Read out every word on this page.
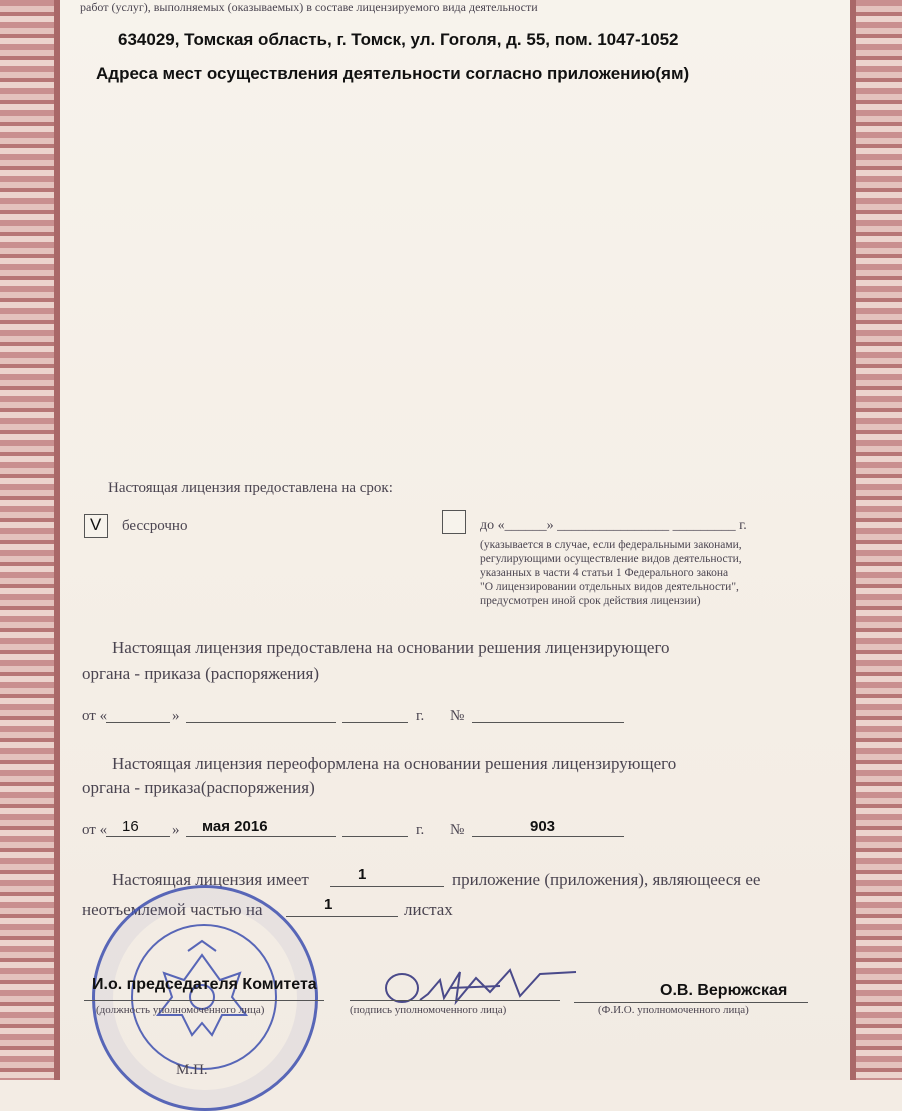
работ (услуг), выполняемых (оказываемых) в составе лицензируемого вида деятельности
634029, Томская область, г. Томск, ул. Гоголя, д. 55, пом. 1047-1052
Адреса мест осуществления деятельности согласно приложению(ям)
Настоящая лицензия предоставлена на срок:
V бессрочно	до «______» ________________ _________ г.
(указывается в случае, если федеральными законами,
регулирующими осуществление видов деятельности,
указанных в части 4 статьи 1 Федерального закона
"О лицензировании отдельных видов деятельности",
предусмотрен иной срок действия лицензии)
Настоящая лицензия предоставлена на основании решения лицензирующего
органа - приказа (распоряжения)
от «	»	г. №
Настоящая лицензия переоформлена на основании решения лицензирующего
органа - приказа(распоряжения)
от « 16 » мая 2016	г. №	903
Настоящая лицензия имеет	1	приложение (приложения), являющееся ее
неотъемлемой частью на	1	листах
И.о. председателя Комитета	О.В. Верюжская
(должность уполномоченного лица)	(подпись уполномоченного лица)	(Ф.И.О. уполномоченного лица)
М.П.
